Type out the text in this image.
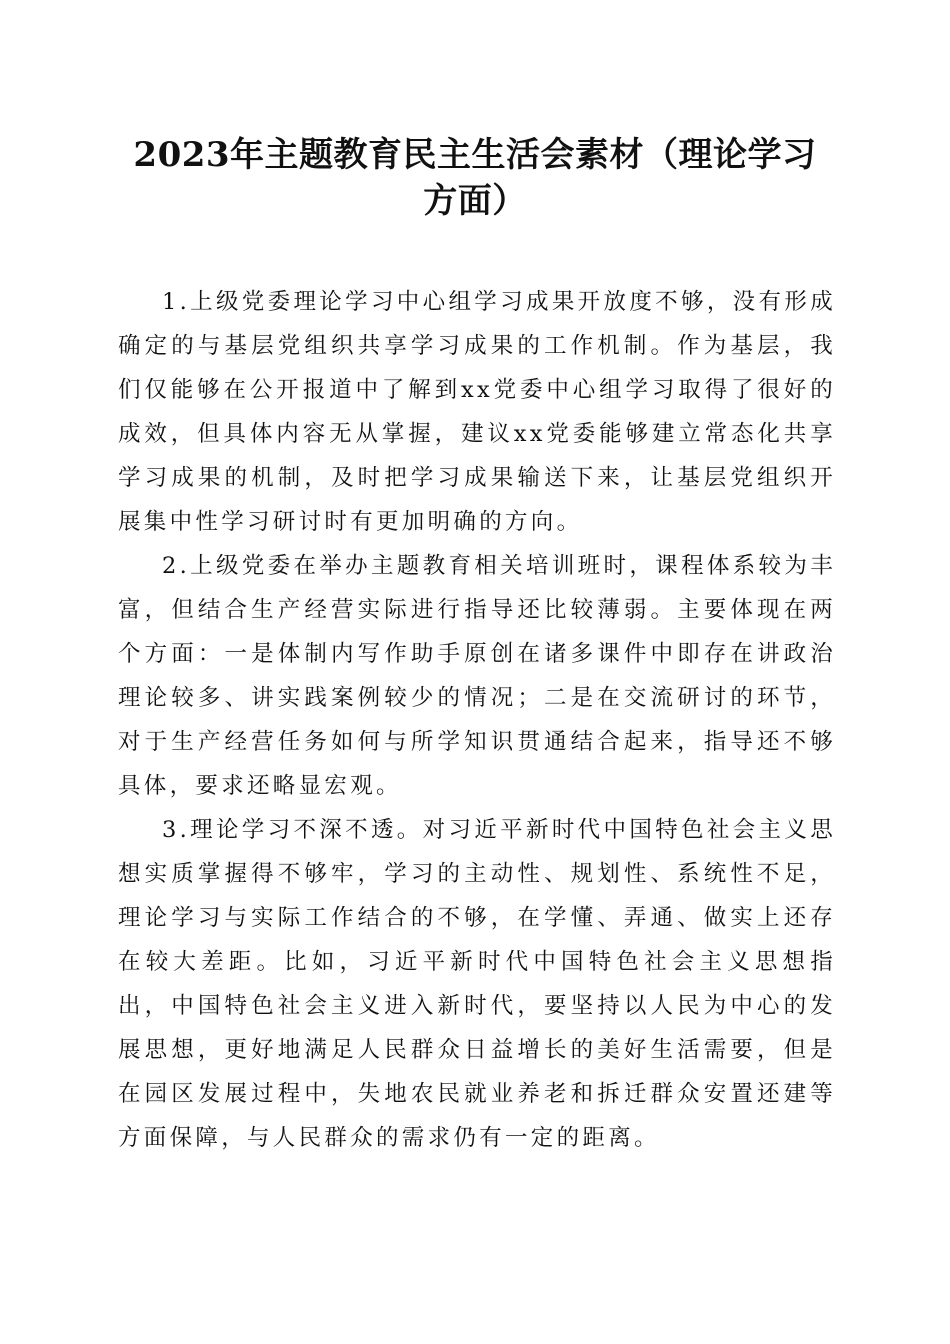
2023年主题教育民主生活会素材（理论学习方面）

1.上级党委理论学习中心组学习成果开放度不够，没有形成确定的与基层党组织共享学习成果的工作机制。作为基层，我们仅能够在公开报道中了解到xx党委中心组学习取得了很好的成效，但具体内容无从掌握，建议xx党委能够建立常态化共享学习成果的机制，及时把学习成果输送下来，让基层党组织开展集中性学习研讨时有更加明确的方向。

2.上级党委在举办主题教育相关培训班时，课程体系较为丰富，但结合生产经营实际进行指导还比较薄弱。主要体现在两个方面：一是体制内写作助手原创在诸多课件中即存在讲政治理论较多、讲实践案例较少的情况；二是在交流研讨的环节，对于生产经营任务如何与所学知识贯通结合起来，指导还不够具体，要求还略显宏观。

3.理论学习不深不透。对习近平新时代中国特色社会主义思想实质掌握得不够牢，学习的主动性、规划性、系统性不足，理论学习与实际工作结合的不够，在学懂、弄通、做实上还存在较大差距。比如，习近平新时代中国特色社会主义思想指出，中国特色社会主义进入新时代，要坚持以人民为中心的发展思想，更好地满足人民群众日益增长的美好生活需要，但是在园区发展过程中，失地农民就业养老和拆迁群众安置还建等方面保障，与人民群众的需求仍有一定的距离。
